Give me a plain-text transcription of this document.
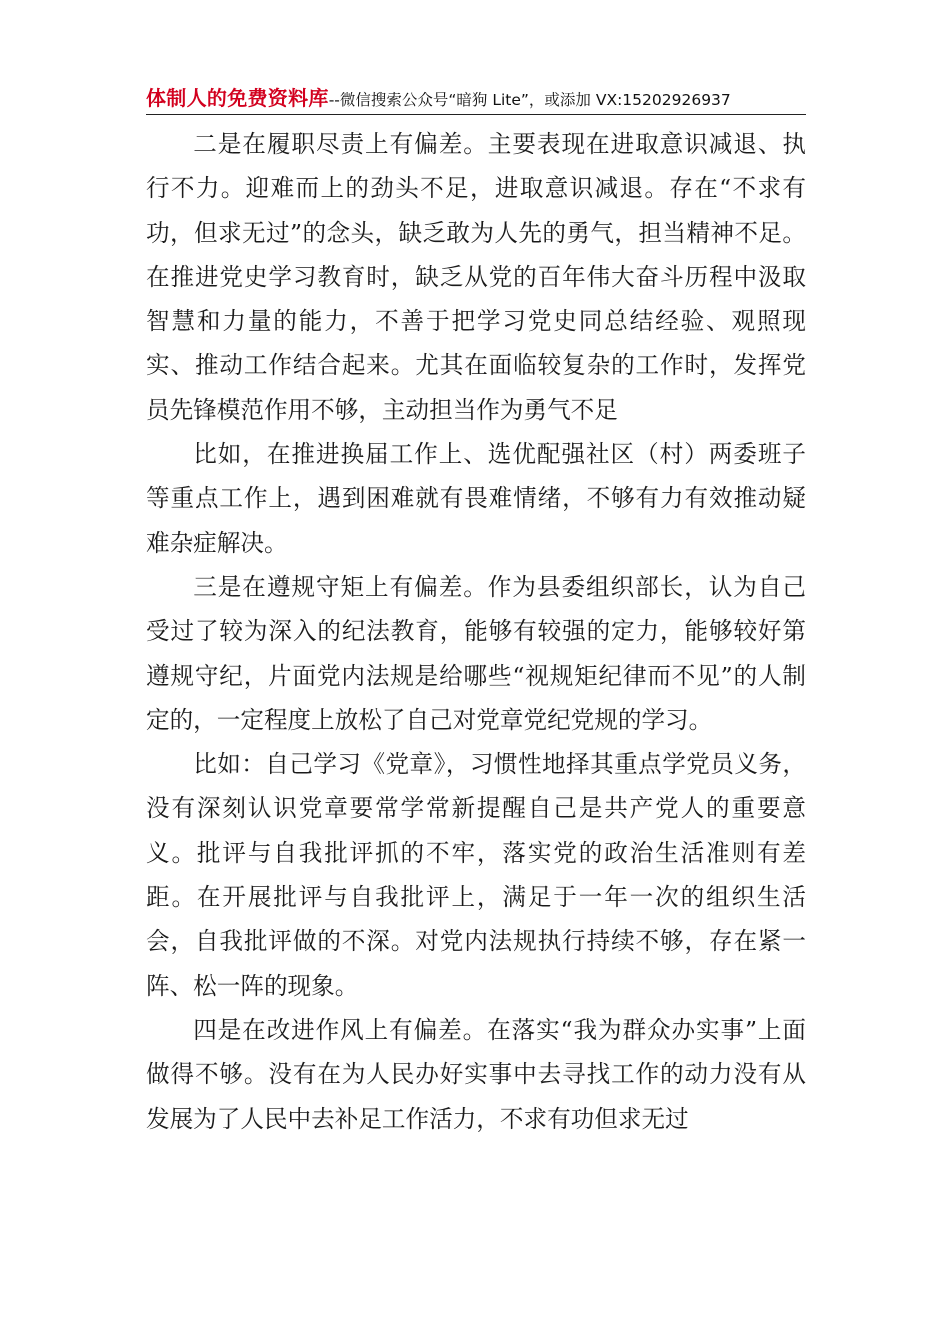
体制人的免费资料库--微信搜索公众号“暗狗 Lite”，或添加 VX:15202926937

二是在履职尽责上有偏差。主要表现在进取意识减退、执行不力。迎难而上的劲头不足，进取意识减退。存在“不求有功，但求无过”的念头，缺乏敢为人先的勇气，担当精神不足。在推进党史学习教育时，缺乏从党的百年伟大奋斗历程中汲取智慧和力量的能力，不善于把学习党史同总结经验、观照现实、推动工作结合起来。尤其在面临较复杂的工作时，发挥党员先锋模范作用不够，主动担当作为勇气不足

比如，在推进换届工作上、选优配强社区（村）两委班子等重点工作上，遇到困难就有畏难情绪，不够有力有效推动疑难杂症解决。

三是在遵规守矩上有偏差。作为县委组织部长，认为自己受过了较为深入的纪法教育，能够有较强的定力，能够较好第遵规守纪，片面党内法规是给哪些“视规矩纪律而不见”的人制定的，一定程度上放松了自己对党章党纪党规的学习。

比如：自己学习《党章》，习惯性地择其重点学党员义务，没有深刻认识党章要常学常新提醒自己是共产党人的重要意义。批评与自我批评抓的不牢，落实党的政治生活准则有差距。在开展批评与自我批评上，满足于一年一次的组织生活会，自我批评做的不深。对党内法规执行持续不够，存在紧一阵、松一阵的现象。

四是在改进作风上有偏差。在落实“我为群众办实事”上面做得不够。没有在为人民办好实事中去寻找工作的动力没有从发展为了人民中去补足工作活力，不求有功但求无过
